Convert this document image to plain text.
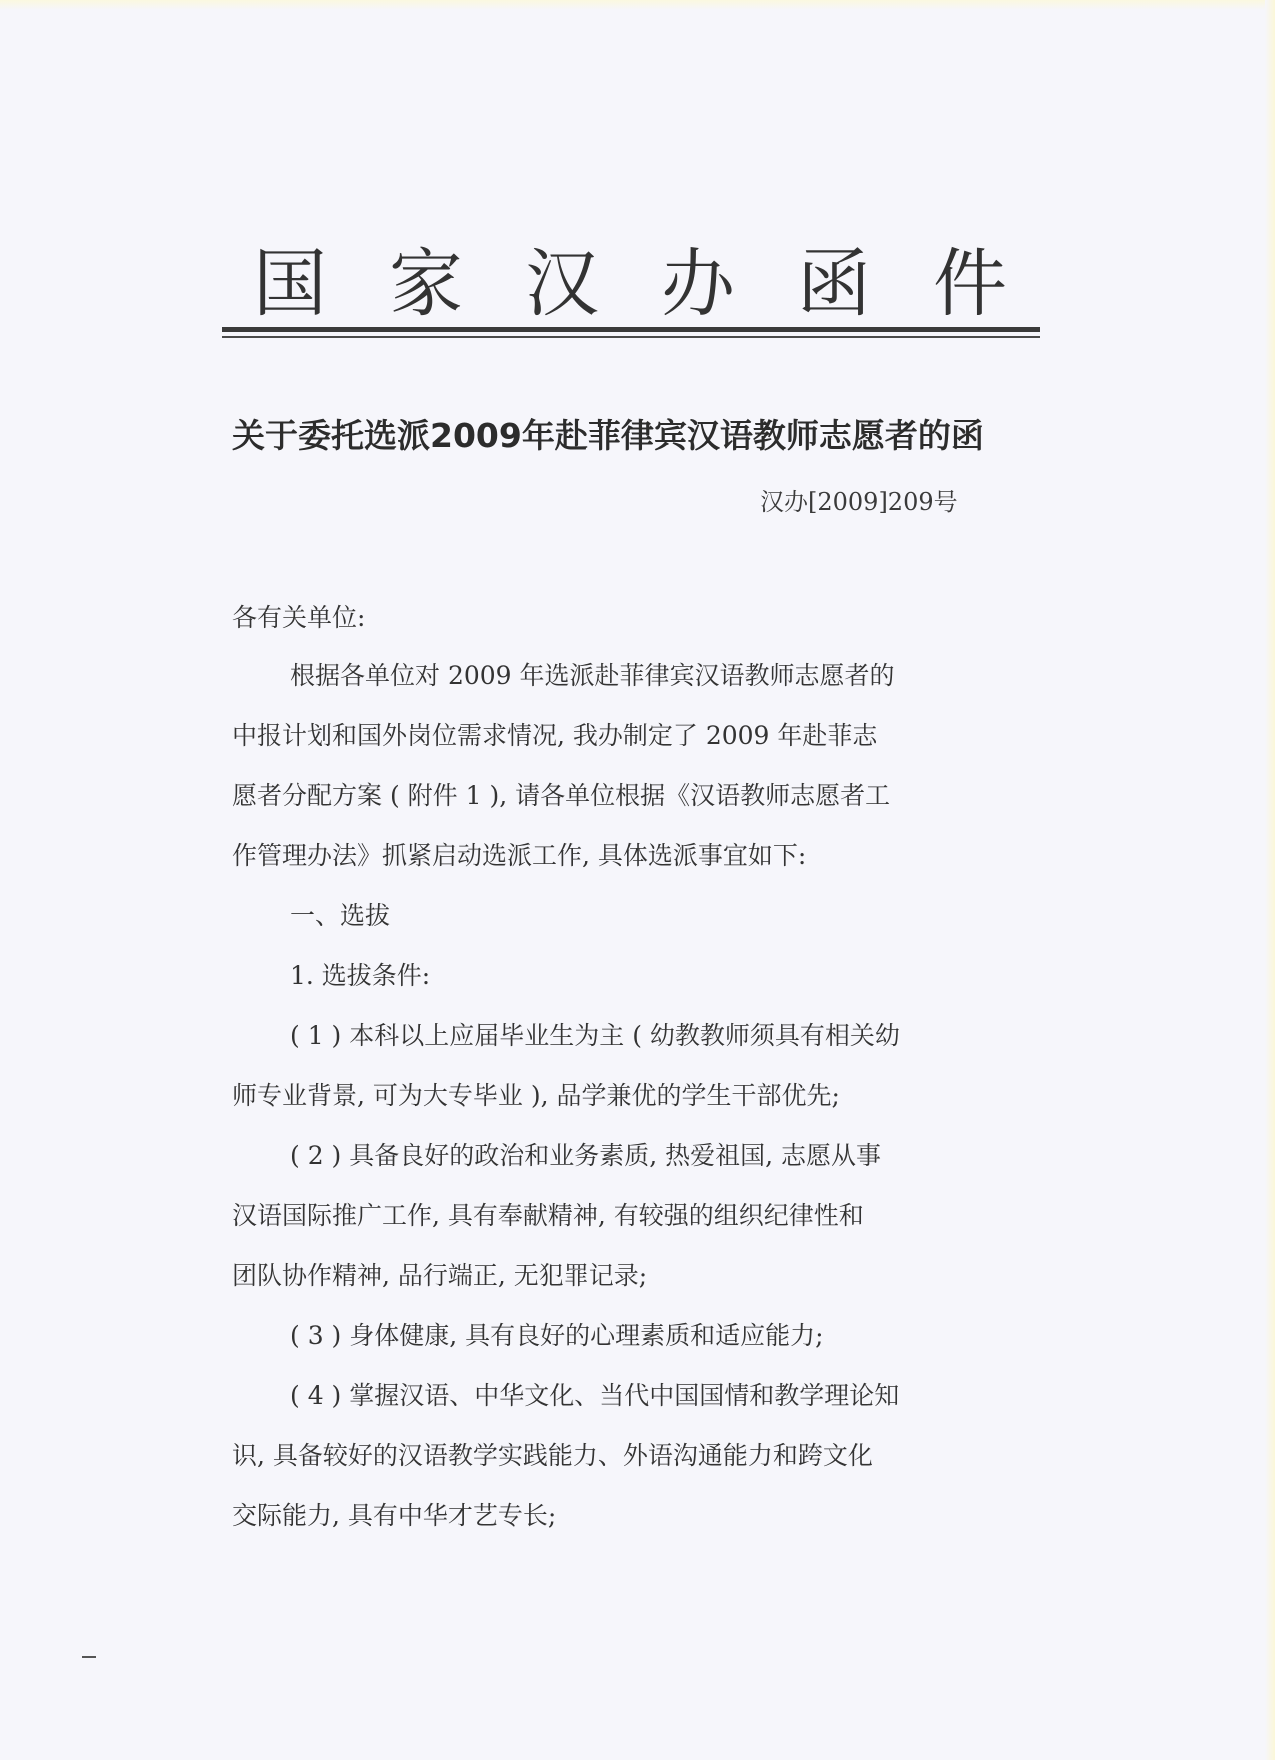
国 家 汉 办 函 件
关于委托选派2009年赴菲律宾汉语教师志愿者的函
汉办[2009]209号
各有关单位:
根据各单位对 2009 年选派赴菲律宾汉语教师志愿者的
中报计划和国外岗位需求情况, 我办制定了 2009 年赴菲志
愿者分配方案 ( 附件 1 ), 请各单位根据《汉语教师志愿者工
作管理办法》抓紧启动选派工作, 具体选派事宜如下:
一、选拔
1. 选拔条件:
( 1 ) 本科以上应届毕业生为主 ( 幼教教师须具有相关幼
师专业背景, 可为大专毕业 ), 品学兼优的学生干部优先;
( 2 ) 具备良好的政治和业务素质, 热爱祖国, 志愿从事
汉语国际推广工作, 具有奉献精神, 有较强的组织纪律性和
团队协作精神, 品行端正, 无犯罪记录;
( 3 ) 身体健康, 具有良好的心理素质和适应能力;
( 4 ) 掌握汉语、中华文化、当代中国国情和教学理论知
识, 具备较好的汉语教学实践能力、外语沟通能力和跨文化
交际能力, 具有中华才艺专长;
